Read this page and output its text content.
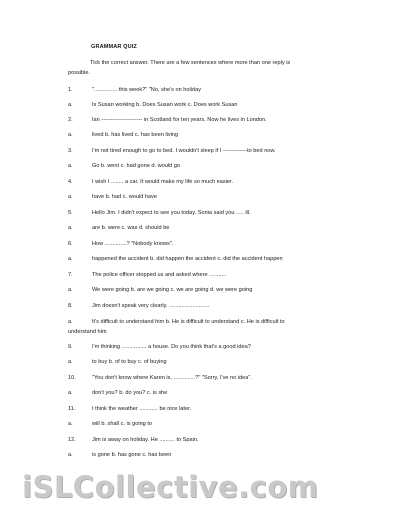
GRAMMAR QUIZ
Tick the correct answer. There are a few sentences where more than one reply is
possible.
1.	"............... this week?" "No, she's on holiday
a.	Is Susan working b. Does Susan work c. Does work Susan
2.	Ian ---------------------- in Scotland for ten years. Now he lives in London.
a.	lived b. has lived c. has been living
3.	I'm not tired enough to go to bed. I wouldn't sleep if I -------------to bed now.
a.	Go b. went c. had gone d. would go
4.	I wish I ........ a car. It would make my life so much easier.
a.	have b. had c. would have
5.	Hello Jim. I didn't expect to see you today. Sonia said you ..... ill.
a.	are b. were c. was d. should be
6.	How ..............? "Nobody knows".
a.	happened the accident b. did happen the accident c. did the accident happen
7.	The police officer stopped us and asked where ...........
a.	We were going b. are we going c. we are going d. we were going
8.	Jim doesn't speak very clearly. ..........................
a.	It's difficult to understand him b. He is difficult to understand c. He is difficult to
understand him
9.	I'm thinking ................ a house. Do you think that's a good idea?
a.	to buy b. of to buy c. of buying
10.	"You don't know where Karen is, ..............?" "Sorry, I've no idea".
a.	don't you? b. do you? c. is she
11.	I think the weather ............ be nice later.
a.	will b. shall c. is going to
12.	Jim is away on holiday. He .......... to Spain.
a.	is gone b. has gone c. has been
iSLCollective.com
